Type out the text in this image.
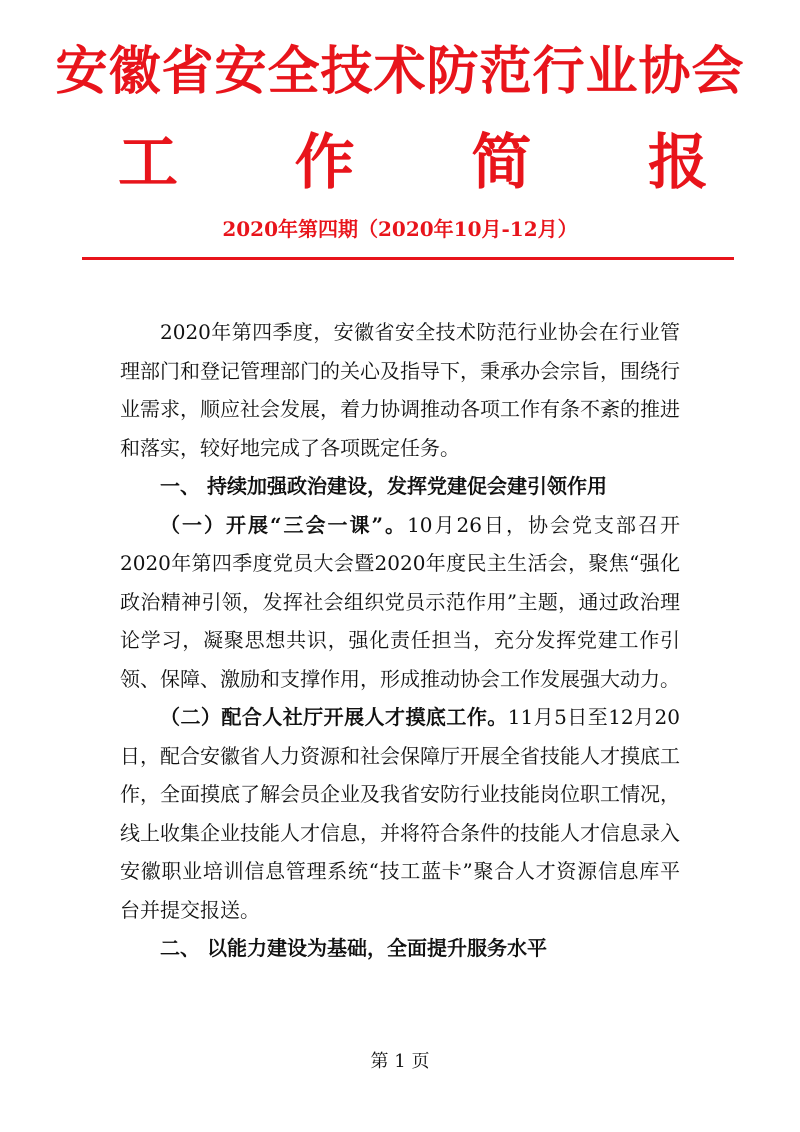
安徽省安全技术防范行业协会
工 作 简 报
2020年第四期（2020年10月-12月）

2020年第四季度，安徽省安全技术防范行业协会在行业管理部门和登记管理部门的关心及指导下，秉承办会宗旨，围绕行业需求，顺应社会发展，着力协调推动各项工作有条不紊的推进和落实，较好地完成了各项既定任务。

一、 持续加强政治建设，发挥党建促会建引领作用

（一）开展“三会一课”。10月26日，协会党支部召开2020年第四季度党员大会暨2020年度民主生活会，聚焦“强化政治精神引领，发挥社会组织党员示范作用”主题，通过政治理论学习，凝聚思想共识，强化责任担当，充分发挥党建工作引领、保障、激励和支撑作用，形成推动协会工作发展强大动力。

（二）配合人社厅开展人才摸底工作。11月5日至12月20日，配合安徽省人力资源和社会保障厅开展全省技能人才摸底工作，全面摸底了解会员企业及我省安防行业技能岗位职工情况，线上收集企业技能人才信息，并将符合条件的技能人才信息录入安徽职业培训信息管理系统“技工蓝卡”聚合人才资源信息库平台并提交报送。

二、 以能力建设为基础，全面提升服务水平

第 1 页
